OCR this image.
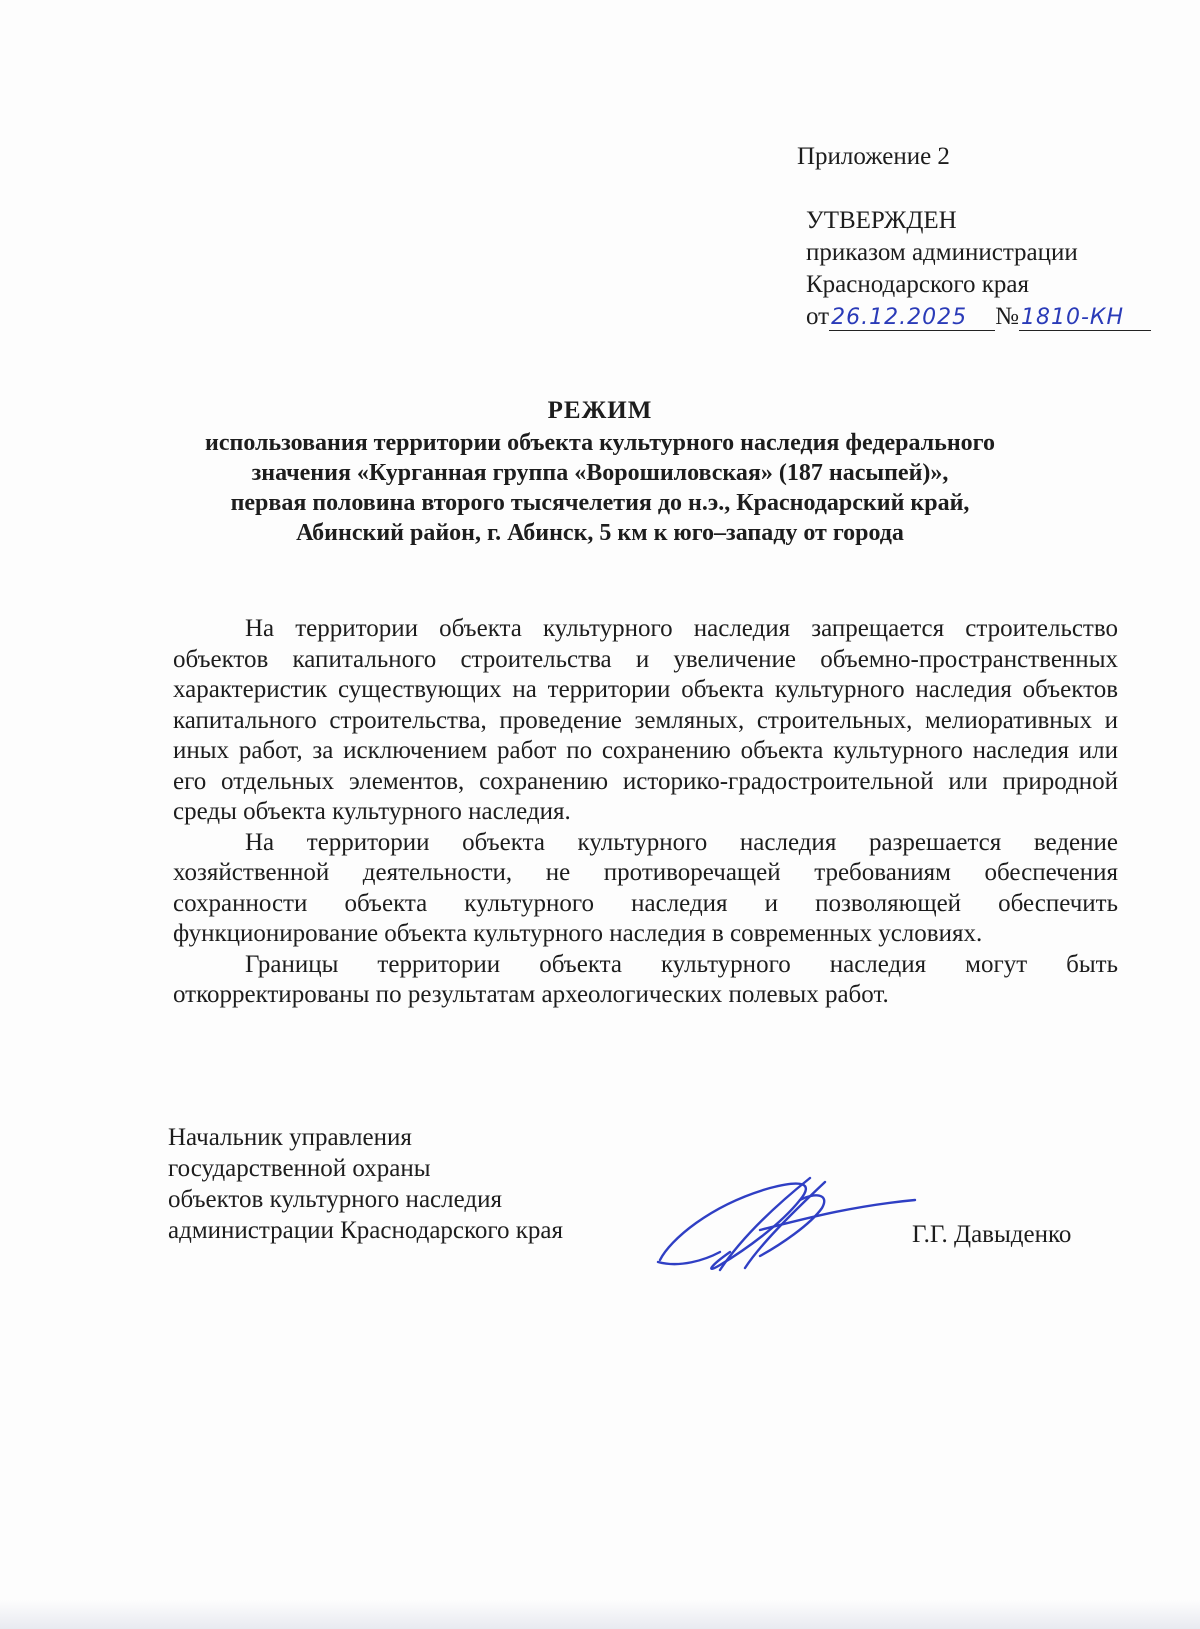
Приложение 2
УТВЕРЖДЕН
приказом администрации
Краснодарского края
от26.12.2025 №1810-КН
РЕЖИМ
использования территории объекта культурного наследия федерального
значения «Курганная группа «Ворошиловская» (187 насыпей)»,
первая половина второго тысячелетия до н.э., Краснодарский край,
Абинский район, г. Абинск, 5 км к юго–западу от города

На территории объекта культурного наследия запрещается строительство объектов капитального строительства и увеличение объемно-пространственных характеристик существующих на территории объекта культурного наследия объектов капитального строительства, проведение земляных, строительных, мелиоративных и иных работ, за исключением работ по сохранению объекта культурного наследия или его отдельных элементов, сохранению историко-градостроительной или природной среды объекта культурного наследия.

На территории объекта культурного наследия разрешается ведение хозяйственной деятельности, не противоречащей требованиям обеспечения сохранности объекта культурного наследия и позволяющей обеспечить функционирование объекта культурного наследия в современных условиях.

Границы территории объекта культурного наследия могут быть откорректированы по результатам археологических полевых работ.

Начальник управления
государственной охраны
объектов культурного наследия
администрации Краснодарского края	Г.Г. Давыденко
